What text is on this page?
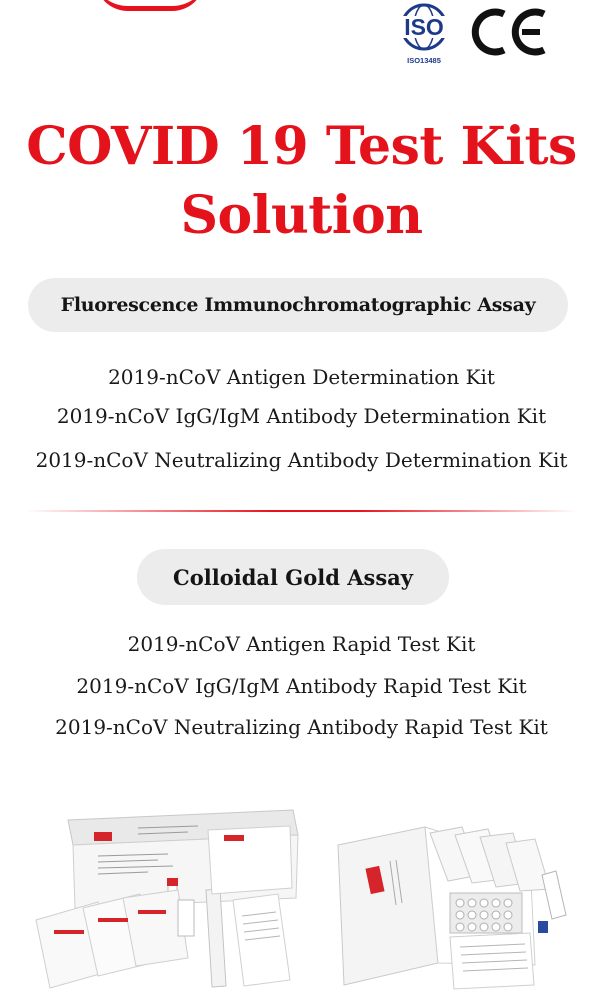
ISO
ISO13485
COVID 19 Test Kits
Solution
Fluorescence Immunochromatographic Assay
2019-nCoV Antigen Determination Kit
2019-nCoV IgG/IgM Antibody Determination Kit
2019-nCoV Neutralizing Antibody Determination Kit
Colloidal Gold Assay
2019-nCoV Antigen Rapid Test Kit
2019-nCoV IgG/IgM Antibody Rapid Test Kit
2019-nCoV Neutralizing Antibody Rapid Test Kit
